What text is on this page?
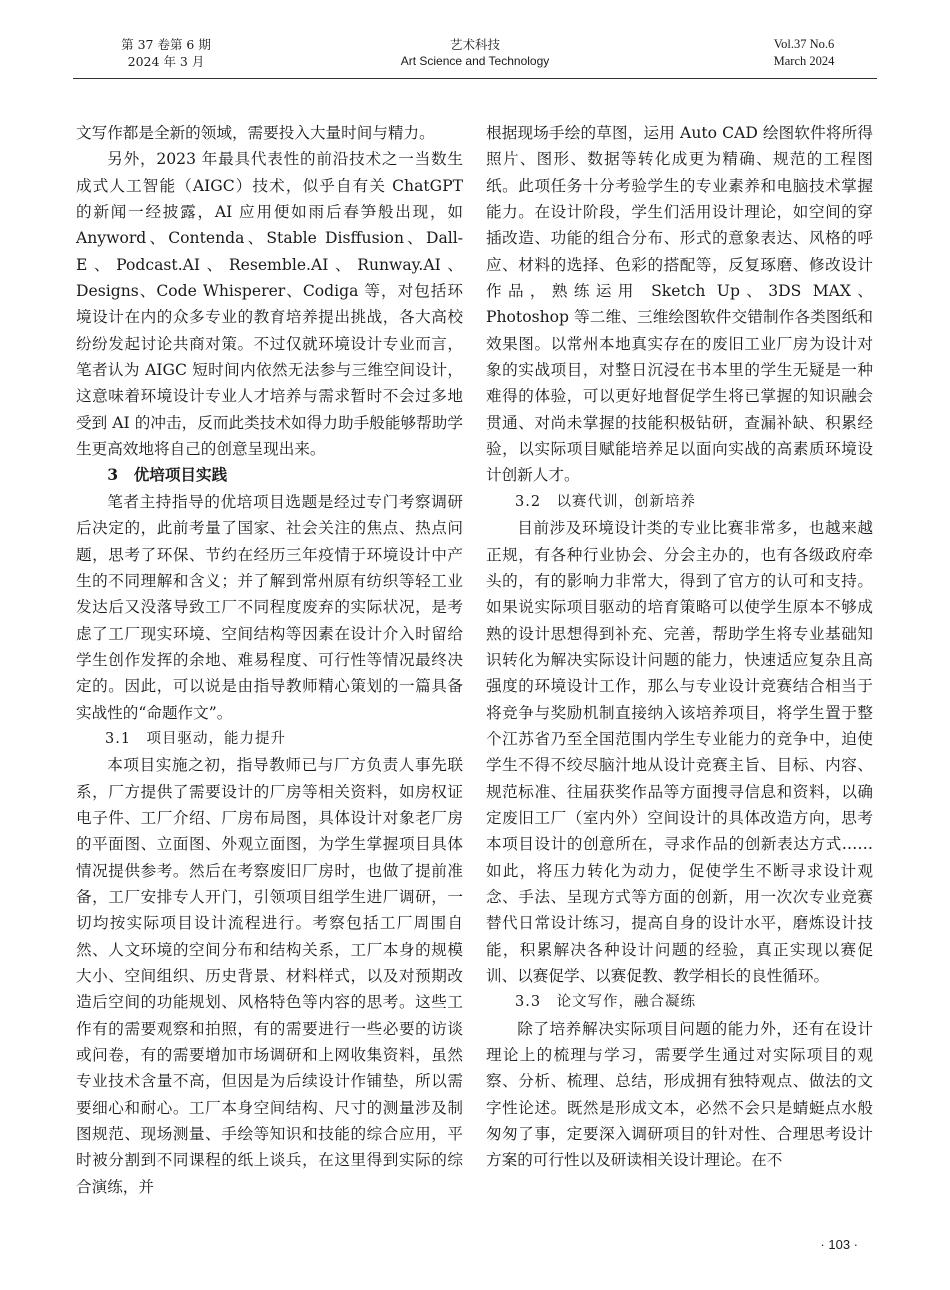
第 37 卷第 6 期
2024 年 3 月
艺术科技
Art Science and Technology
Vol.37 No.6
March 2024

文写作都是全新的领域，需要投入大量时间与精力。

另外，2023 年最具代表性的前沿技术之一当数生成式人工智能（AIGC）技术，似乎自有关 ChatGPT 的新闻一经披露，AI 应用便如雨后春笋般出现，如 Anyword、Contenda、Stable Disffusion、Dall-E、Podcast.AI、Resemble.AI、Runway.AI、Designs、Code Whisperer、Codiga 等，对包括环境设计在内的众多专业的教育培养提出挑战，各大高校纷纷发起讨论共商对策。不过仅就环境设计专业而言，笔者认为 AIGC 短时间内依然无法参与三维空间设计，这意味着环境设计专业人才培养与需求暂时不会过多地受到 AI 的冲击，反而此类技术如得力助手般能够帮助学生更高效地将自己的创意呈现出来。

3　优培项目实践

笔者主持指导的优培项目选题是经过专门考察调研后决定的，此前考量了国家、社会关注的焦点、热点问题，思考了环保、节约在经历三年疫情于环境设计中产生的不同理解和含义；并了解到常州原有纺织等轻工业发达后又没落导致工厂不同程度废弃的实际状况，是考虑了工厂现实环境、空间结构等因素在设计介入时留给学生创作发挥的余地、难易程度、可行性等情况最终决定的。因此，可以说是由指导教师精心策划的一篇具备实战性的“命题作文”。

3.1　项目驱动，能力提升

本项目实施之初，指导教师已与厂方负责人事先联系，厂方提供了需要设计的厂房等相关资料，如房权证电子件、工厂介绍、厂房布局图，具体设计对象老厂房的平面图、立面图、外观立面图，为学生掌握项目具体情况提供参考。然后在考察废旧厂房时，也做了提前准备，工厂安排专人开门，引领项目组学生进厂调研，一切均按实际项目设计流程进行。考察包括工厂周围自然、人文环境的空间分布和结构关系，工厂本身的规模大小、空间组织、历史背景、材料样式，以及对预期改造后空间的功能规划、风格特色等内容的思考。这些工作有的需要观察和拍照，有的需要进行一些必要的访谈或问卷，有的需要增加市场调研和上网收集资料，虽然专业技术含量不高，但因是为后续设计作铺垫，所以需要细心和耐心。工厂本身空间结构、尺寸的测量涉及制图规范、现场测量、手绘等知识和技能的综合应用，平时被分割到不同课程的纸上谈兵，在这里得到实际的综合演练，并

根据现场手绘的草图，运用 Auto CAD 绘图软件将所得照片、图形、数据等转化成更为精确、规范的工程图纸。此项任务十分考验学生的专业素养和电脑技术掌握能力。在设计阶段，学生们活用设计理论，如空间的穿插改造、功能的组合分布、形式的意象表达、风格的呼应、材料的选择、色彩的搭配等，反复琢磨、修改设计作品，熟练运用 Sketch Up、3DS MAX、Photoshop 等二维、三维绘图软件交错制作各类图纸和效果图。以常州本地真实存在的废旧工业厂房为设计对象的实战项目，对整日沉浸在书本里的学生无疑是一种难得的体验，可以更好地督促学生将已掌握的知识融会贯通、对尚未掌握的技能积极钻研，查漏补缺、积累经验，以实际项目赋能培养足以面向实战的高素质环境设计创新人才。

3.2　以赛代训，创新培养

目前涉及环境设计类的专业比赛非常多，也越来越正规，有各种行业协会、分会主办的，也有各级政府牵头的，有的影响力非常大，得到了官方的认可和支持。如果说实际项目驱动的培育策略可以使学生原本不够成熟的设计思想得到补充、完善，帮助学生将专业基础知识转化为解决实际设计问题的能力，快速适应复杂且高强度的环境设计工作，那么与专业设计竞赛结合相当于将竞争与奖励机制直接纳入该培养项目，将学生置于整个江苏省乃至全国范围内学生专业能力的竞争中，迫使学生不得不绞尽脑汁地从设计竞赛主旨、目标、内容、规范标准、往届获奖作品等方面搜寻信息和资料，以确定废旧工厂（室内外）空间设计的具体改造方向，思考本项目设计的创意所在，寻求作品的创新表达方式……如此，将压力转化为动力，促使学生不断寻求设计观念、手法、呈现方式等方面的创新，用一次次专业竞赛替代日常设计练习，提高自身的设计水平，磨炼设计技能，积累解决各种设计问题的经验，真正实现以赛促训、以赛促学、以赛促教、教学相长的良性循环。

3.3　论文写作，融合凝练

除了培养解决实际项目问题的能力外，还有在设计理论上的梳理与学习，需要学生通过对实际项目的观察、分析、梳理、总结，形成拥有独特观点、做法的文字性论述。既然是形成文本，必然不会只是蜻蜓点水般匆匆了事，定要深入调研项目的针对性、合理思考设计方案的可行性以及研读相关设计理论。在不

· 103 ·
